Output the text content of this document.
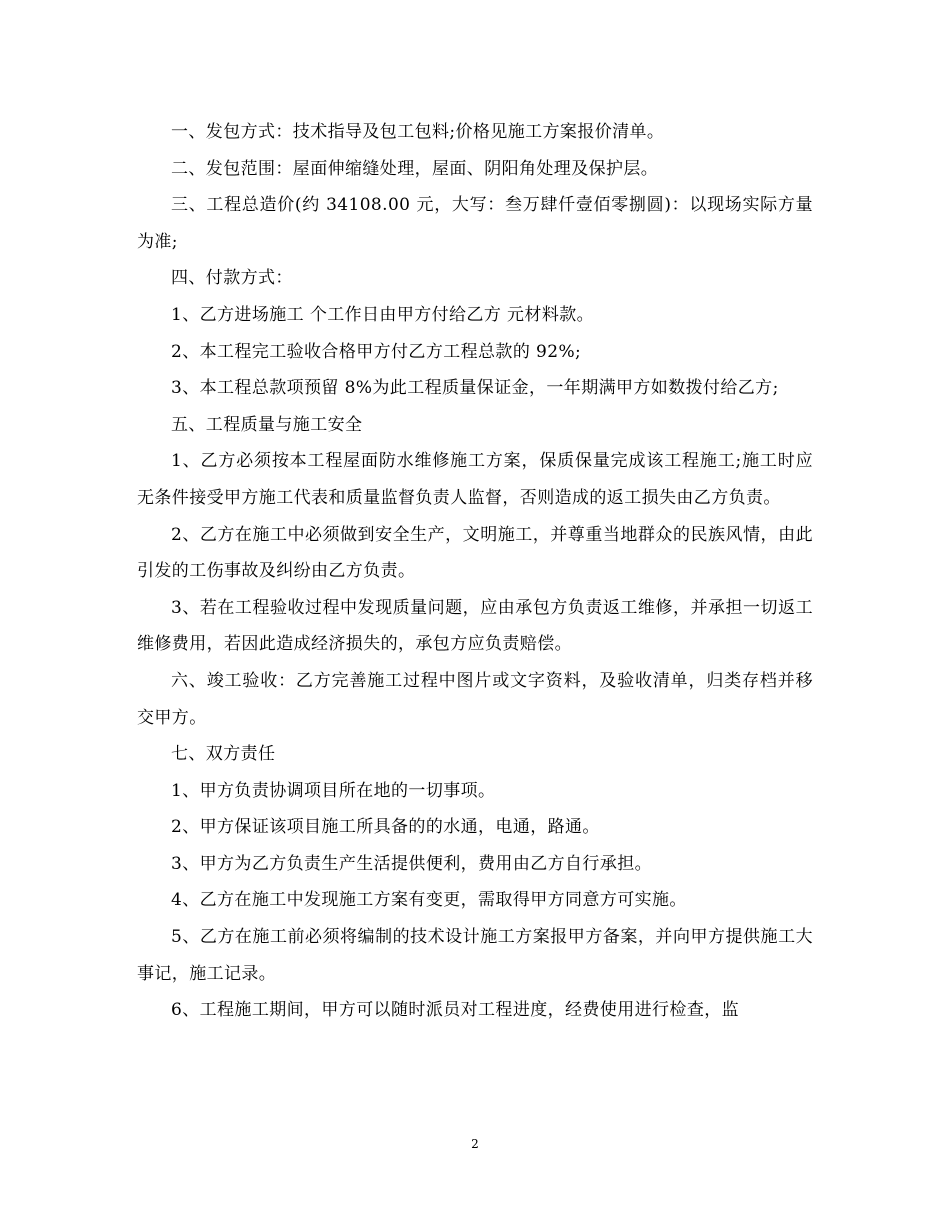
一、发包方式：技术指导及包工包料;价格见施工方案报价清单。

二、发包范围：屋面伸缩缝处理，屋面、阴阳角处理及保护层。

三、工程总造价(约 34108.00 元，大写：叁万肆仟壹佰零捌圆)：以现场实际方量为准;

四、付款方式：

1、乙方进场施工 个工作日由甲方付给乙方 元材料款。

2、本工程完工验收合格甲方付乙方工程总款的 92%;

3、本工程总款项预留 8%为此工程质量保证金，一年期满甲方如数拨付给乙方;

五、工程质量与施工安全

1、乙方必须按本工程屋面防水维修施工方案，保质保量完成该工程施工;施工时应无条件接受甲方施工代表和质量监督负责人监督，否则造成的返工损失由乙方负责。

2、乙方在施工中必须做到安全生产，文明施工，并尊重当地群众的民族风情，由此引发的工伤事故及纠纷由乙方负责。

3、若在工程验收过程中发现质量问题，应由承包方负责返工维修，并承担一切返工维修费用，若因此造成经济损失的，承包方应负责赔偿。

六、竣工验收：乙方完善施工过程中图片或文字资料，及验收清单，归类存档并移交甲方。

七、双方责任

1、甲方负责协调项目所在地的一切事项。

2、甲方保证该项目施工所具备的的水通，电通，路通。

3、甲方为乙方负责生产生活提供便利，费用由乙方自行承担。

4、乙方在施工中发现施工方案有变更，需取得甲方同意方可实施。

5、乙方在施工前必须将编制的技术设计施工方案报甲方备案，并向甲方提供施工大事记，施工记录。

6、工程施工期间，甲方可以随时派员对工程进度，经费使用进行检查，监

2
